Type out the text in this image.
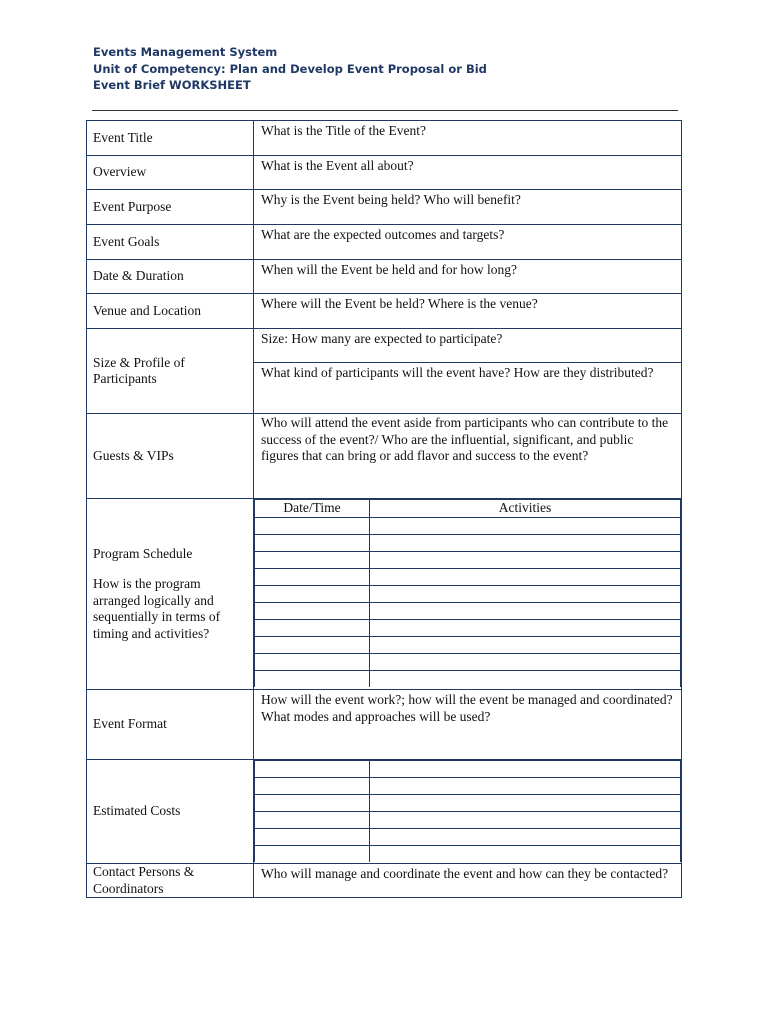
Events Management System
Unit of Competency: Plan and Develop Event Proposal or Bid
Event Brief WORKSHEET
Event Title	What is the Title of the Event?
Overview	What is the Event all about?
Event Purpose	Why is the Event being held? Who will benefit?
Event Goals	What are the expected outcomes and targets?
Date & Duration	When will the Event be held and for how long?
Venue and Location	Where will the Event be held? Where is the venue?
Size & Profile of Participants	Size: How many are expected to participate?
What kind of participants will the event have? How are they distributed?
Guests & VIPs	Who will attend the event aside from participants who can contribute to the success of the event?/ Who are the influential, significant, and public figures that can bring or add flavor and success to the event?

Program Schedule
How is the program arranged logically and sequentially in terms of timing and activities?

Date/Time	Activities

Event Format	How will the event work?; how will the event be managed and coordinated? What modes and approaches will be used?
Estimated Costs	

Contact Persons & Coordinators	Who will manage and coordinate the event and how can they be contacted?
